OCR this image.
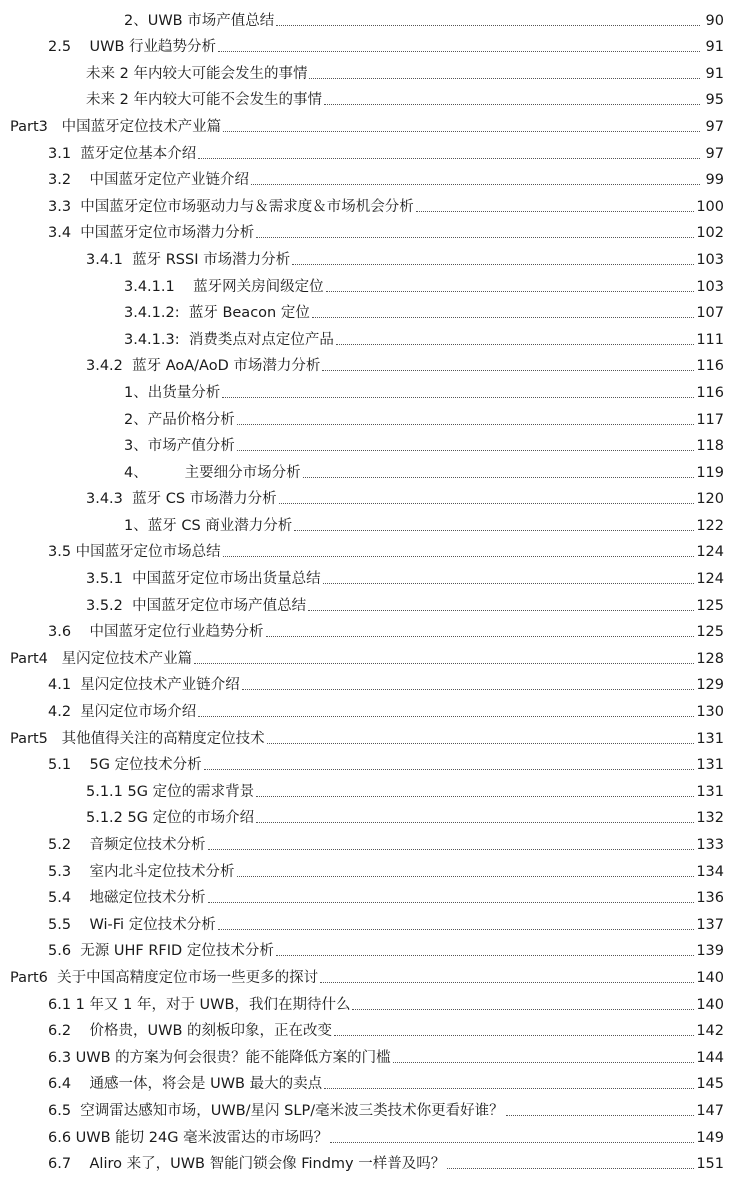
2、UWB 市场产值总结	90
2.5    UWB 行业趋势分析	91
未来 2 年内较大可能会发生的事情	91
未来 2 年内较大可能不会发生的事情	95
Part3   中国蓝牙定位技术产业篇	97
3.1  蓝牙定位基本介绍	97
3.2    中国蓝牙定位产业链介绍	99
3.3  中国蓝牙定位市场驱动力与＆需求度＆市场机会分析	100
3.4  中国蓝牙定位市场潜力分析	102
3.4.1  蓝牙 RSSI 市场潜力分析	103
3.4.1.1    蓝牙网关房间级定位	103
3.4.1.2:  蓝牙 Beacon 定位	107
3.4.1.3:  消费类点对点定位产品	111
3.4.2  蓝牙 AoA/AoD 市场潜力分析	116
1、出货量分析	116
2、产品价格分析	117
3、市场产值分析	118
4、        主要细分市场分析	119
3.4.3  蓝牙 CS 市场潜力分析	120
1、蓝牙 CS 商业潜力分析	122
3.5 中国蓝牙定位市场总结	124
3.5.1  中国蓝牙定位市场出货量总结	124
3.5.2  中国蓝牙定位市场产值总结	125
3.6    中国蓝牙定位行业趋势分析	125
Part4   星闪定位技术产业篇	128
4.1  星闪定位技术产业链介绍	129
4.2  星闪定位市场介绍	130
Part5   其他值得关注的高精度定位技术	131
5.1    5G 定位技术分析	131
5.1.1 5G 定位的需求背景	131
5.1.2 5G 定位的市场介绍	132
5.2    音频定位技术分析	133
5.3    室内北斗定位技术分析	134
5.4    地磁定位技术分析	136
5.5    Wi-Fi 定位技术分析	137
5.6  无源 UHF RFID 定位技术分析	139
Part6  关于中国高精度定位市场一些更多的探讨	140
6.1 1 年又 1 年，对于 UWB，我们在期待什么	140
6.2    价格贵，UWB 的刻板印象，正在改变	142
6.3 UWB 的方案为何会很贵？能不能降低方案的门槛	144
6.4    通感一体，将会是 UWB 最大的卖点	145
6.5  空调雷达感知市场，UWB/星闪 SLP/毫米波三类技术你更看好谁？	147
6.6 UWB 能切 24G 毫米波雷达的市场吗？	149
6.7    Aliro 来了，UWB 智能门锁会像 Findmy 一样普及吗？	151
